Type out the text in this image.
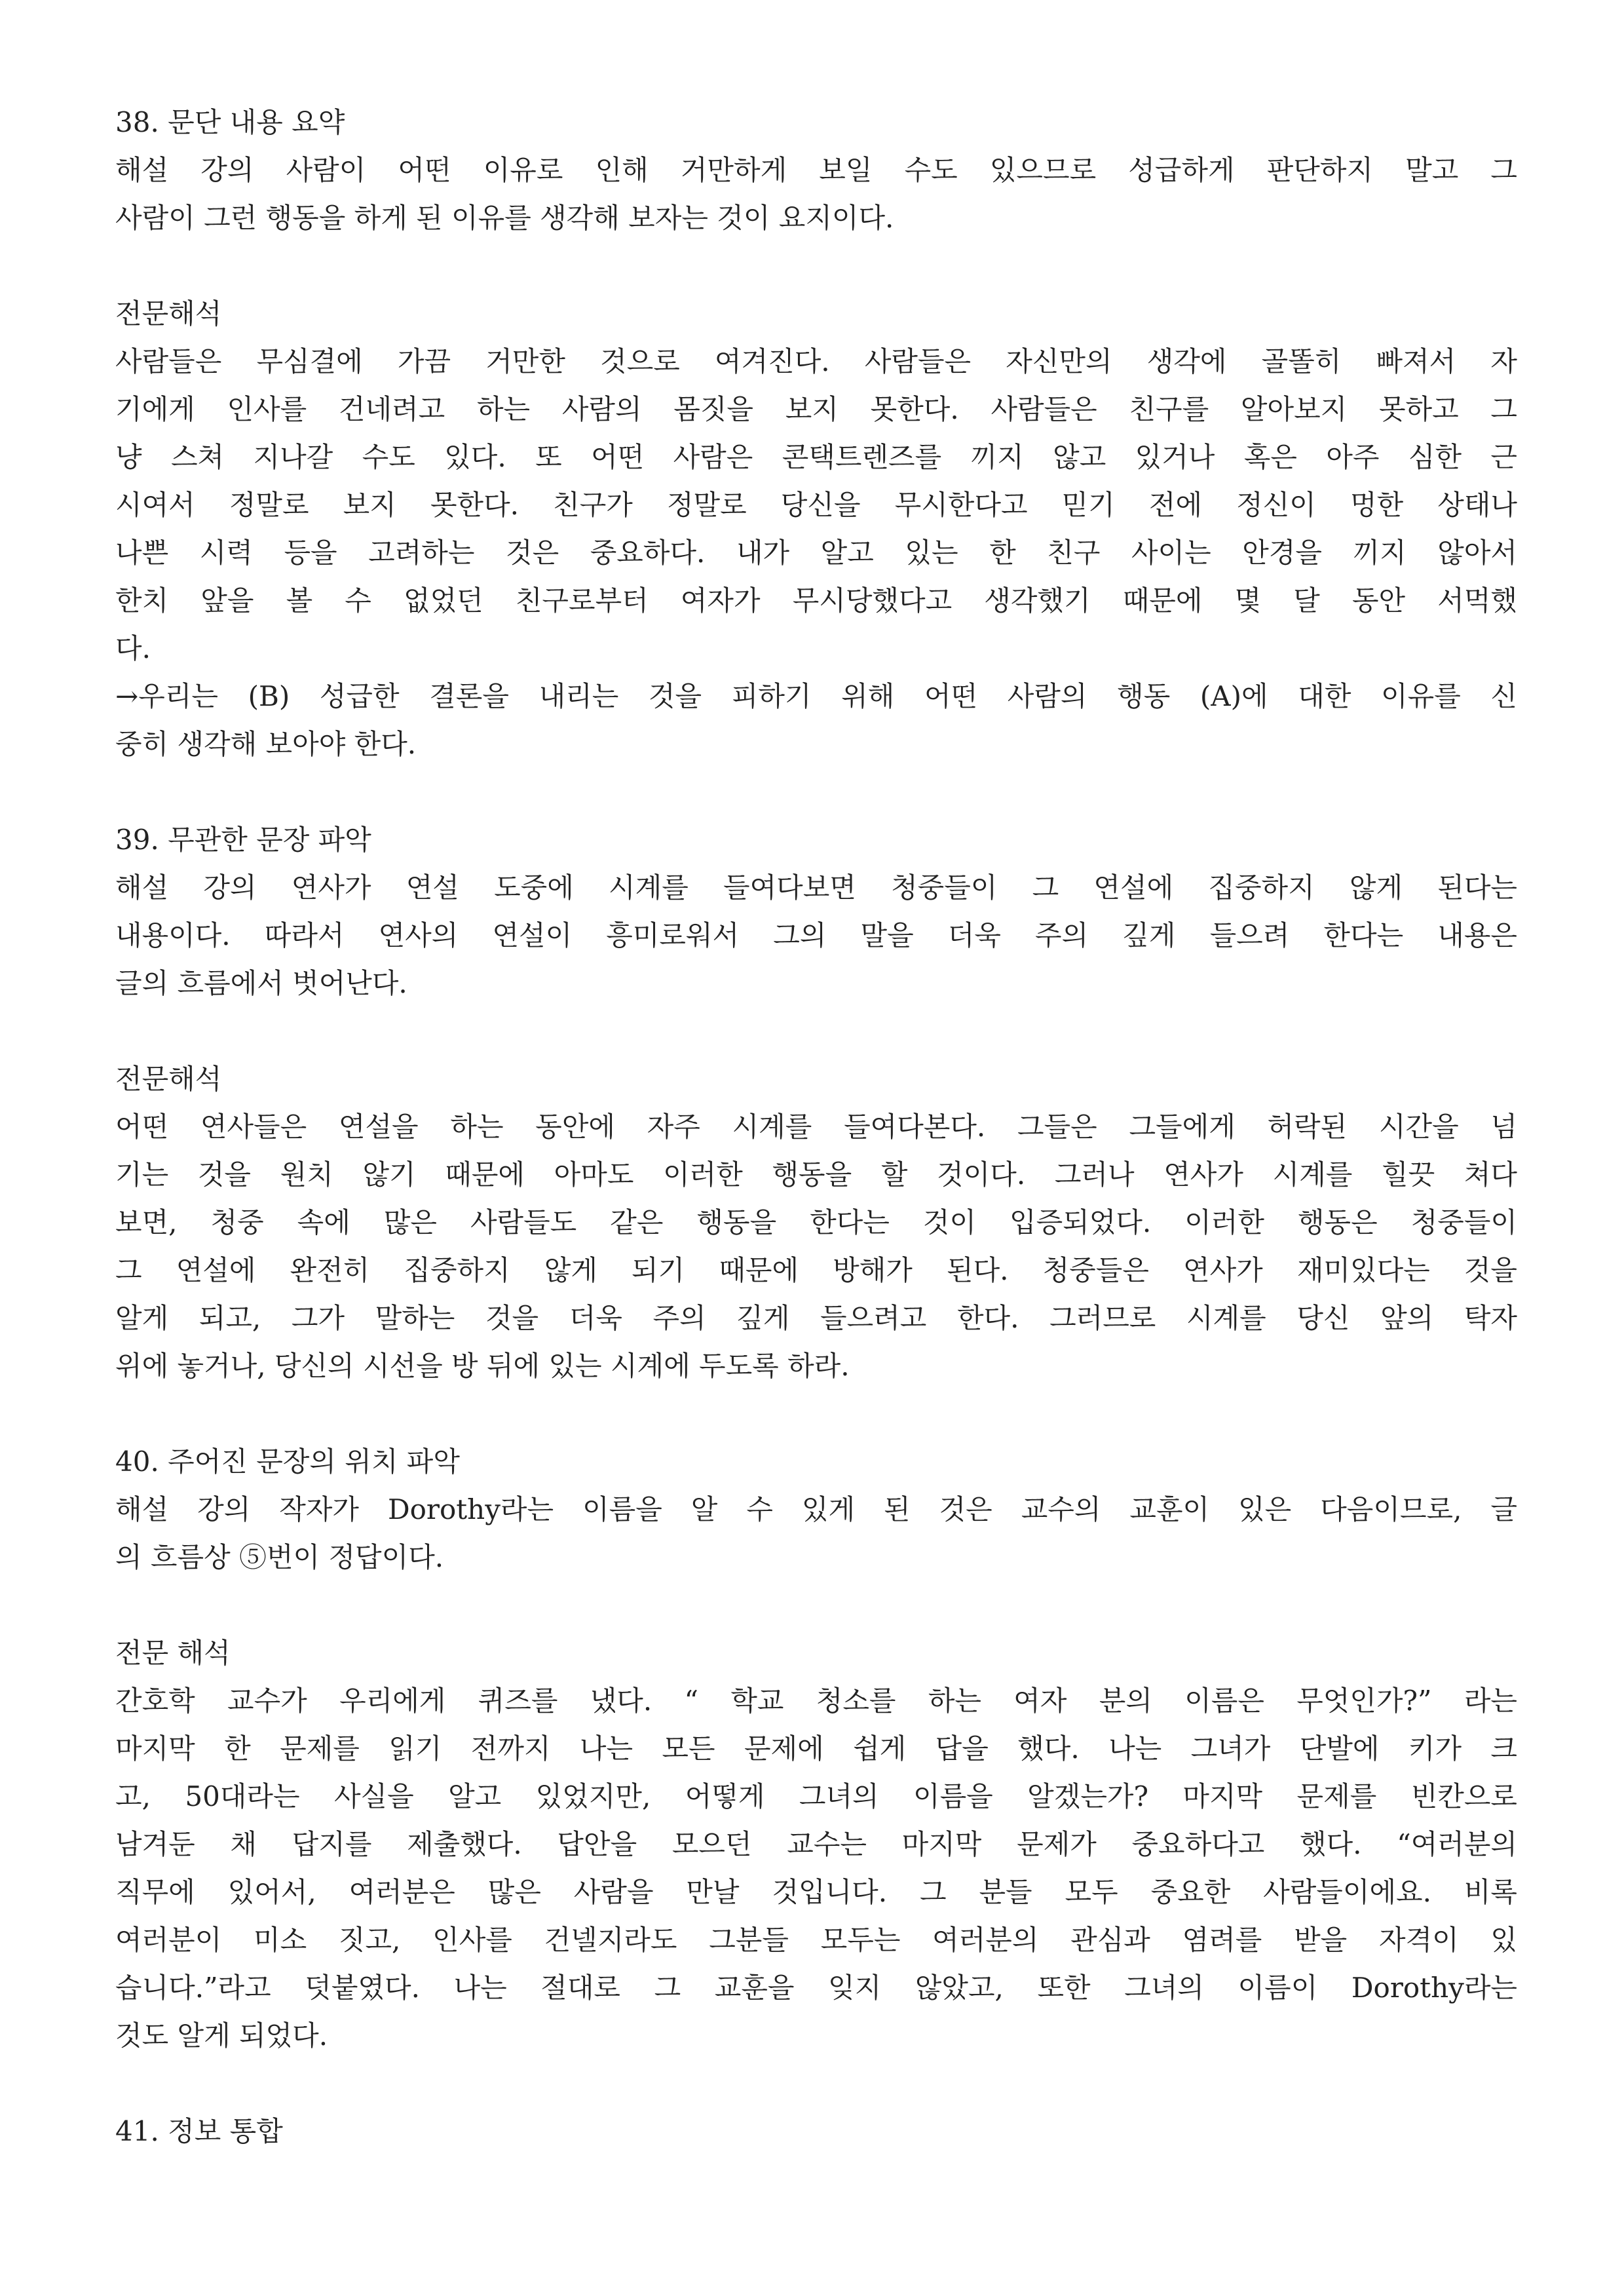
38. 문단 내용 요약
해설 강의 사람이 어떤 이유로 인해 거만하게 보일 수도 있으므로 성급하게 판단하지 말고 그
사람이 그런 행동을 하게 된 이유를 생각해 보자는 것이 요지이다.
전문해석
사람들은 무심결에 가끔 거만한 것으로 여겨진다. 사람들은 자신만의 생각에 골똘히 빠져서 자
기에게 인사를 건네려고 하는 사람의 몸짓을 보지 못한다. 사람들은 친구를 알아보지 못하고 그
냥 스쳐 지나갈 수도 있다. 또 어떤 사람은 콘택트렌즈를 끼지 않고 있거나 혹은 아주 심한 근
시여서 정말로 보지 못한다. 친구가 정말로 당신을 무시한다고 믿기 전에 정신이 멍한 상태나
나쁜 시력 등을 고려하는 것은 중요하다. 내가 알고 있는 한 친구 사이는 안경을 끼지 않아서
한치 앞을 볼 수 없었던 친구로부터 여자가 무시당했다고 생각했기 때문에 몇 달 동안 서먹했
다.
→우리는 (B) 성급한 결론을 내리는 것을 피하기 위해 어떤 사람의 행동 (A)에 대한 이유를 신
중히 생각해 보아야 한다.
39. 무관한 문장 파악
해설 강의 연사가 연설 도중에 시계를 들여다보면 청중들이 그 연설에 집중하지 않게 된다는
내용이다. 따라서 연사의 연설이 흥미로워서 그의 말을 더욱 주의 깊게 들으려 한다는 내용은
글의 흐름에서 벗어난다.
전문해석
어떤 연사들은 연설을 하는 동안에 자주 시계를 들여다본다. 그들은 그들에게 허락된 시간을 넘
기는 것을 원치 않기 때문에 아마도 이러한 행동을 할 것이다. 그러나 연사가 시계를 힐끗 쳐다
보면, 청중 속에 많은 사람들도 같은 행동을 한다는 것이 입증되었다. 이러한 행동은 청중들이
그 연설에 완전히 집중하지 않게 되기 때문에 방해가 된다. 청중들은 연사가 재미있다는 것을
알게 되고, 그가 말하는 것을 더욱 주의 깊게 들으려고 한다. 그러므로 시계를 당신 앞의 탁자
위에 놓거나, 당신의 시선을 방 뒤에 있는 시계에 두도록 하라.
40. 주어진 문장의 위치 파악
해설 강의 작자가 Dorothy라는 이름을 알 수 있게 된 것은 교수의 교훈이 있은 다음이므로, 글
의 흐름상 ⑤번이 정답이다.
전문 해석
간호학 교수가 우리에게 퀴즈를 냈다. “ 학교 청소를 하는 여자 분의 이름은 무엇인가?” 라는
마지막 한 문제를 읽기 전까지 나는 모든 문제에 쉽게 답을 했다. 나는 그녀가 단발에 키가 크
고, 50대라는 사실을 알고 있었지만, 어떻게 그녀의 이름을 알겠는가? 마지막 문제를 빈칸으로
남겨둔 채 답지를 제출했다. 답안을 모으던 교수는 마지막 문제가 중요하다고 했다. “여러분의
직무에 있어서, 여러분은 많은 사람을 만날 것입니다. 그 분들 모두 중요한 사람들이에요. 비록
여러분이 미소 짓고, 인사를 건넬지라도 그분들 모두는 여러분의 관심과 염려를 받을 자격이 있
습니다.”라고 덧붙였다. 나는 절대로 그 교훈을 잊지 않았고, 또한 그녀의 이름이 Dorothy라는
것도 알게 되었다.
41. 정보 통합
